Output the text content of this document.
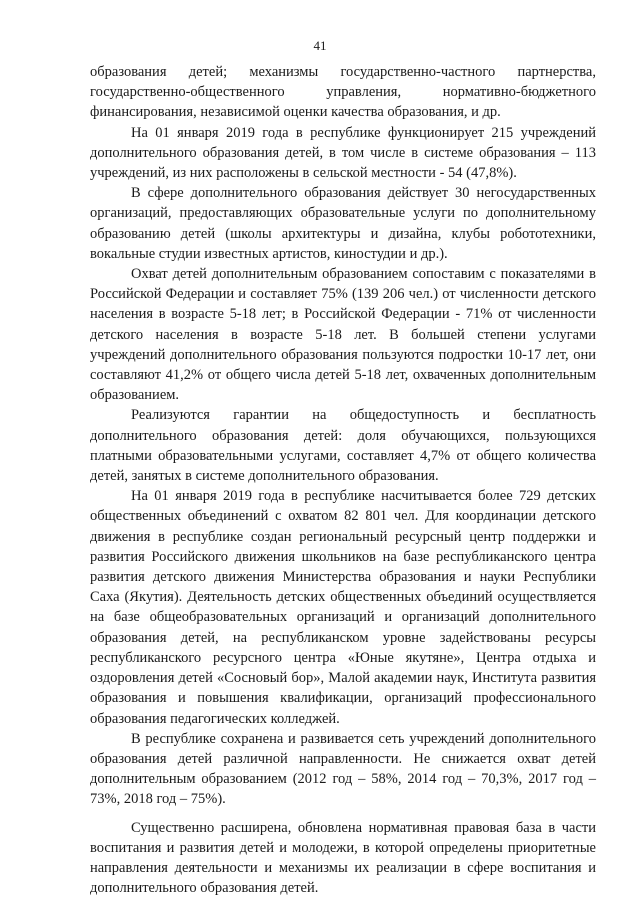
41

образования детей; механизмы государственно-частного партнерства, государственно-общественного управления, нормативно-бюджетного финансирования, независимой оценки качества образования, и др.

На 01 января 2019 года в республике функционирует 215 учреждений дополнительного образования детей, в том числе в системе образования – 113 учреждений, из них расположены в сельской местности - 54 (47,8%).

В сфере дополнительного образования действует 30 негосударственных организаций, предоставляющих образовательные услуги по дополнительному образованию детей (школы архитектуры и дизайна, клубы робототехники, вокальные студии известных артистов, киностудии и др.).

Охват детей дополнительным образованием сопоставим с показателями в Российской Федерации и составляет 75% (139 206 чел.) от численности детского населения в возрасте 5-18 лет; в Российской Федерации - 71% от численности детского населения в возрасте 5-18 лет. В большей степени услугами учреждений дополнительного образования пользуются подростки 10-17 лет, они составляют 41,2% от общего числа детей 5-18 лет, охваченных дополнительным образованием.

Реализуются гарантии на общедоступность и бесплатность дополнительного образования детей: доля обучающихся, пользующихся платными образовательными услугами, составляет 4,7% от общего количества детей, занятых в системе дополнительного образования.

На 01 января 2019 года в республике насчитывается более 729 детских общественных объединений с охватом 82 801 чел. Для координации детского движения в республике создан региональный ресурсный центр поддержки и развития Российского движения школьников на базе республиканского центра развития детского движения Министерства образования и науки Республики Саха (Якутия). Деятельность детских общественных объединий осуществляется на базе общеобразовательных организаций и организаций дополнительного образования детей, на республиканском уровне задействованы ресурсы республиканского ресурсного центра «Юные якутяне», Центра отдыха и оздоровления детей «Сосновый бор», Малой академии наук, Института развития образования и повышения квалификации, организаций профессионального образования педагогических колледжей.

В республике сохранена и развивается сеть учреждений дополнительного образования детей различной направленности. Не снижается охват детей дополнительным образованием (2012 год – 58%, 2014 год – 70,3%, 2017 год – 73%, 2018 год – 75%).

Существенно расширена, обновлена нормативная правовая база в части воспитания и развития детей и молодежи, в которой определены приоритетные направления деятельности и механизмы их реализации в сфере воспитания и дополнительного образования детей.
